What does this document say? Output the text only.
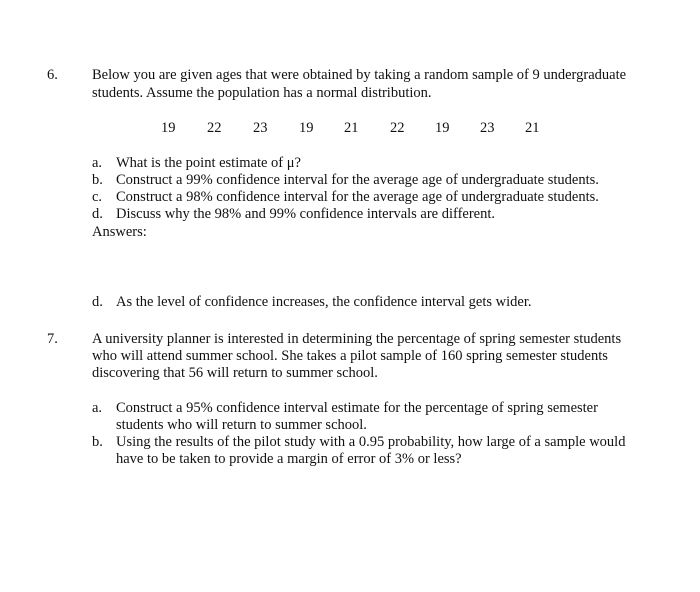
6. Below you are given ages that were obtained by taking a random sample of 9 undergraduate
students. Assume the population has a normal distribution.
19 22 23 19 21 22 19 23 21
a. What is the point estimate of μ?
b. Construct a 99% confidence interval for the average age of undergraduate students.
c. Construct a 98% confidence interval for the average age of undergraduate students.
d. Discuss why the 98% and 99% confidence intervals are different.
Answers:
d. As the level of confidence increases, the confidence interval gets wider.
7. A university planner is interested in determining the percentage of spring semester students
who will attend summer school. She takes a pilot sample of 160 spring semester students
discovering that 56 will return to summer school.
a. Construct a 95% confidence interval estimate for the percentage of spring semester
students who will return to summer school.
b. Using the results of the pilot study with a 0.95 probability, how large of a sample would
have to be taken to provide a margin of error of 3% or less?
